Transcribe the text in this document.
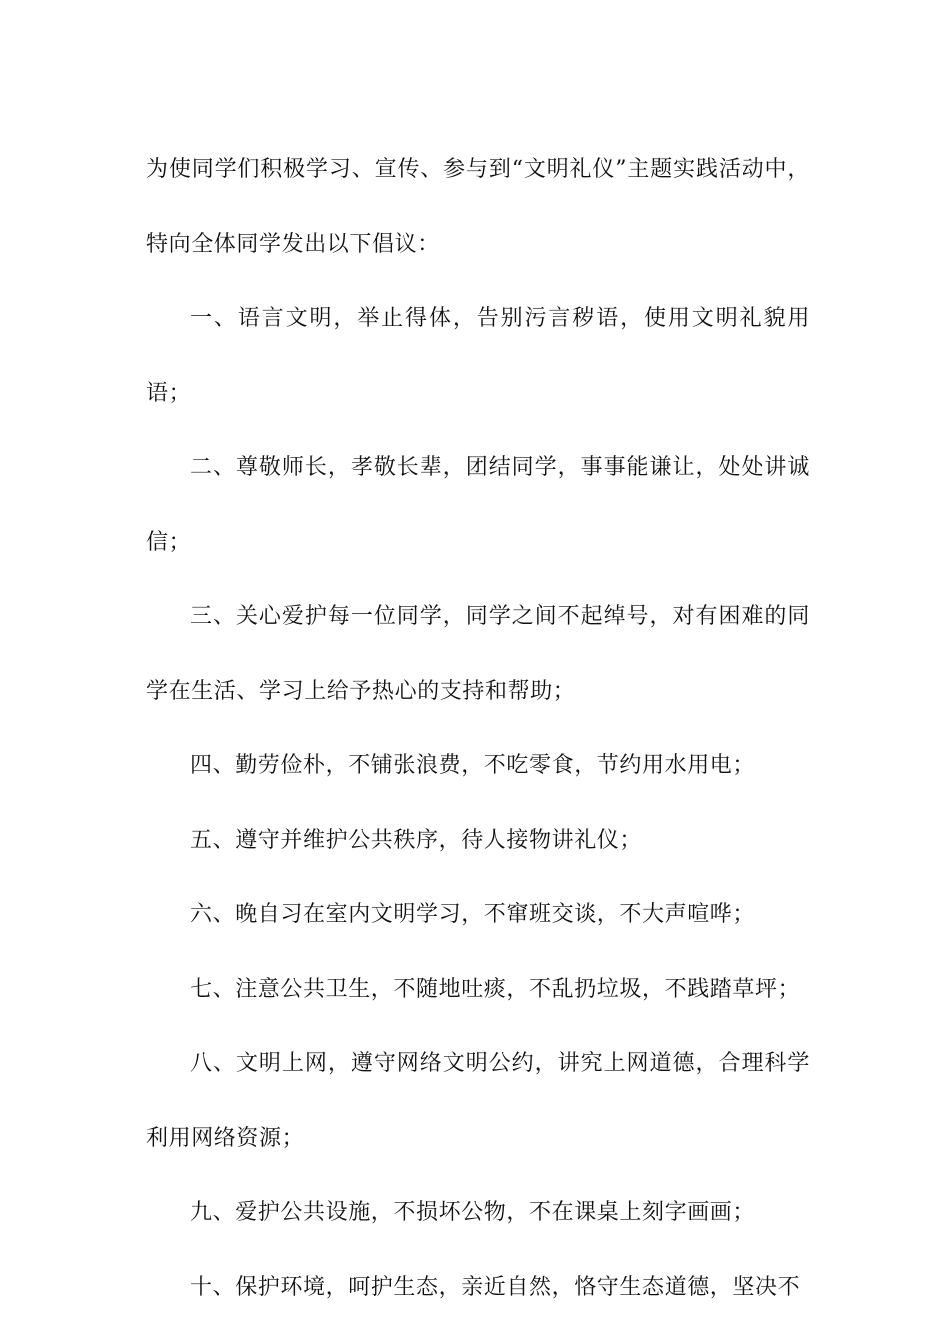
为使同学们积极学习、宣传、参与到“文明礼仪”主题实践活动中，特向全体同学发出以下倡议：

一、语言文明，举止得体，告别污言秽语，使用文明礼貌用语；

二、尊敬师长，孝敬长辈，团结同学，事事能谦让，处处讲诚信；

三、关心爱护每一位同学，同学之间不起绰号，对有困难的同学在生活、学习上给予热心的支持和帮助；

四、勤劳俭朴，不铺张浪费，不吃零食，节约用水用电；

五、遵守并维护公共秩序，待人接物讲礼仪；

六、晚自习在室内文明学习，不窜班交谈，不大声喧哗；

七、注意公共卫生，不随地吐痰，不乱扔垃圾，不践踏草坪；

八、文明上网，遵守网络文明公约，讲究上网道德，合理科学利用网络资源；

九、爱护公共设施，不损坏公物，不在课桌上刻字画画；

十、保护环境，呵护生态，亲近自然，恪守生态道德，坚决不
